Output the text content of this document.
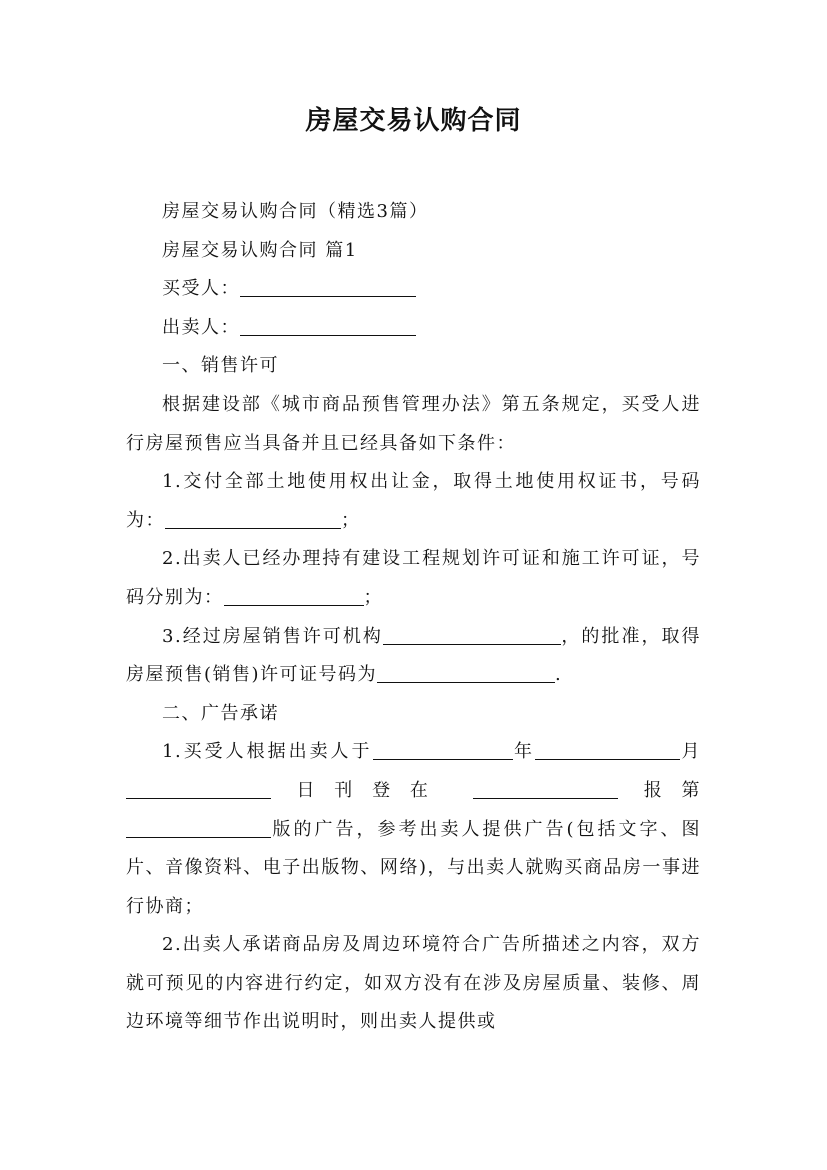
房屋交易认购合同

房屋交易认购合同（精选3篇）

房屋交易认购合同 篇1

买受人：

出卖人：

一、销售许可

根据建设部《城市商品预售管理办法》第五条规定，买受人进行房屋预售应当具备并且已经具备如下条件：

1.交付全部土地使用权出让金，取得土地使用权证书，号码为：	；

2.出卖人已经办理持有建设工程规划许可证和施工许可证，号码分别为：	；

3.经过房屋销售许可机构	，的批准，取得房屋预售(销售)许可证号码为	.

二、广告承诺

1.买受人根据出卖人于	年	月  日刊登在	报第 版的广告，参考出卖人提供广告(包括文字、图片、音像资料、电子出版物、网络)，与出卖人就购买商品房一事进行协商；

2.出卖人承诺商品房及周边环境符合广告所描述之内容，双方就可预见的内容进行约定，如双方没有在涉及房屋质量、装修、周边环境等细节作出说明时，则出卖人提供或
